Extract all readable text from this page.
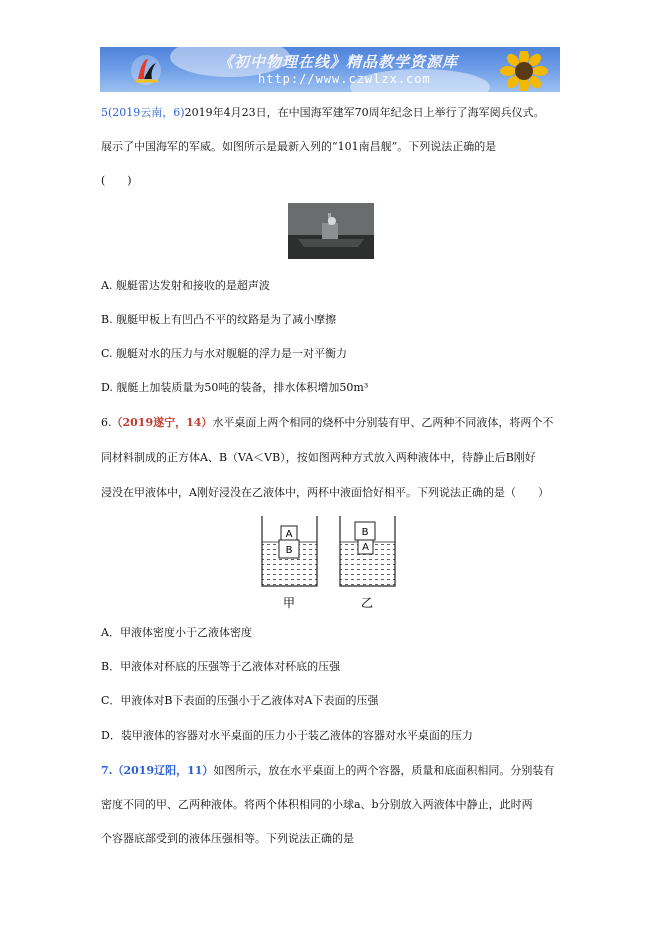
《初中物理在线》精品教学资源库
http://www.czwlzx.com
5(2019云南，6)2019年4月23日，在中国海军建军70周年纪念日上举行了海军阅兵仪式。
展示了中国海军的军威。如图所示是最新入列的“101南昌舰”。下列说法正确的是
(　　)
A. 舰艇雷达发射和接收的是超声波
B. 舰艇甲板上有凹凸不平的纹路是为了减小摩擦
C. 舰艇对水的压力与水对舰艇的浮力是一对平衡力
D. 舰艇上加装质量为50吨的装备，排水体积增加50m³
6.（2019遂宁，14）水平桌面上两个相同的烧杯中分别装有甲、乙两种不同液体，将两个不
同材料制成的正方体A、B（VA＜VB），按如图两种方式放入两种液体中，待静止后B刚好
浸没在甲液体中，A刚好浸没在乙液体中，两杯中液面恰好相平。下列说法正确的是（　　）
A
B
B
A
甲	乙
A．甲液体密度小于乙液体密度
B．甲液体对杯底的压强等于乙液体对杯底的压强
C．甲液体对B下表面的压强小于乙液体对A下表面的压强
D．装甲液体的容器对水平桌面的压力小于装乙液体的容器对水平桌面的压力
7.（2019辽阳，11）如图所示，放在水平桌面上的两个容器，质量和底面积相同。分别装有
密度不同的甲、乙两种液体。将两个体积相同的小球a、b分别放入两液体中静止，此时两
个容器底部受到的液体压强相等。下列说法正确的是
